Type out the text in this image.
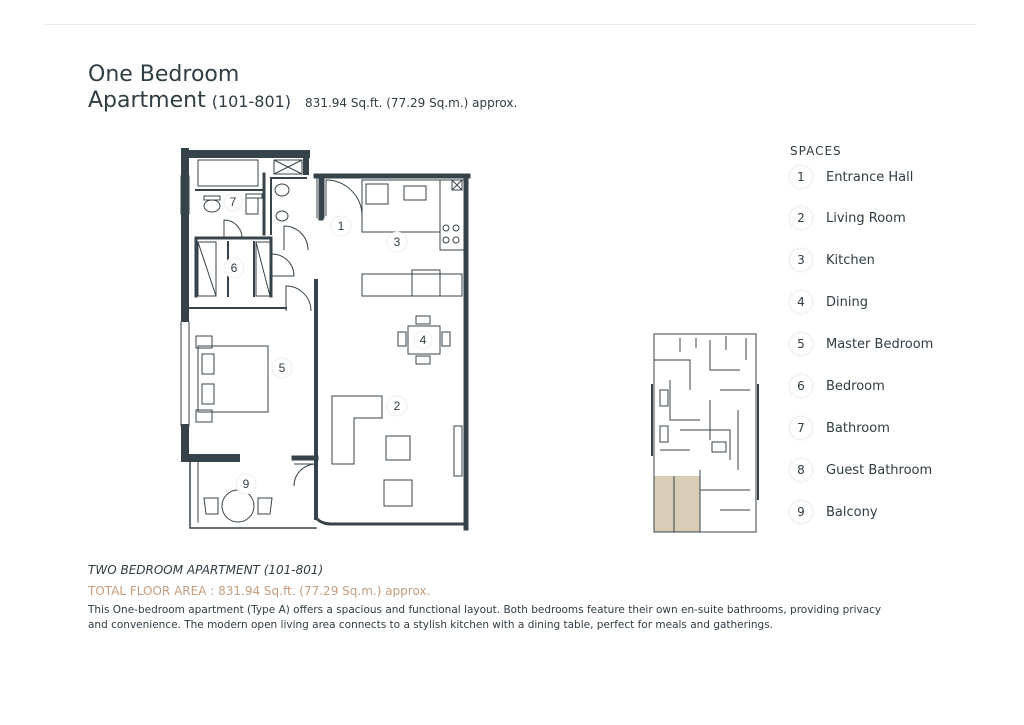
One Bedroom
Apartment (101-801) 831.94 Sq.ft. (77.29 Sq.m.) approx.
1
2
3
4
5
6
7
9
SPACES
1	Entrance Hall
2	Living Room
3	Kitchen
4	Dining
5	Master Bedroom
6	Bedroom
7	Bathroom
8	Guest Bathroom
9	Balcony
TWO BEDROOM APARTMENT (101-801)
TOTAL FLOOR AREA : 831.94 Sq.ft. (77.29 Sq.m.) approx.
This One-bedroom apartment (Type A) offers a spacious and functional layout. Both bedrooms feature their own en-suite bathrooms, providing privacy and convenience. The modern open living area connects to a stylish kitchen with a dining table, perfect for meals and gatherings.
